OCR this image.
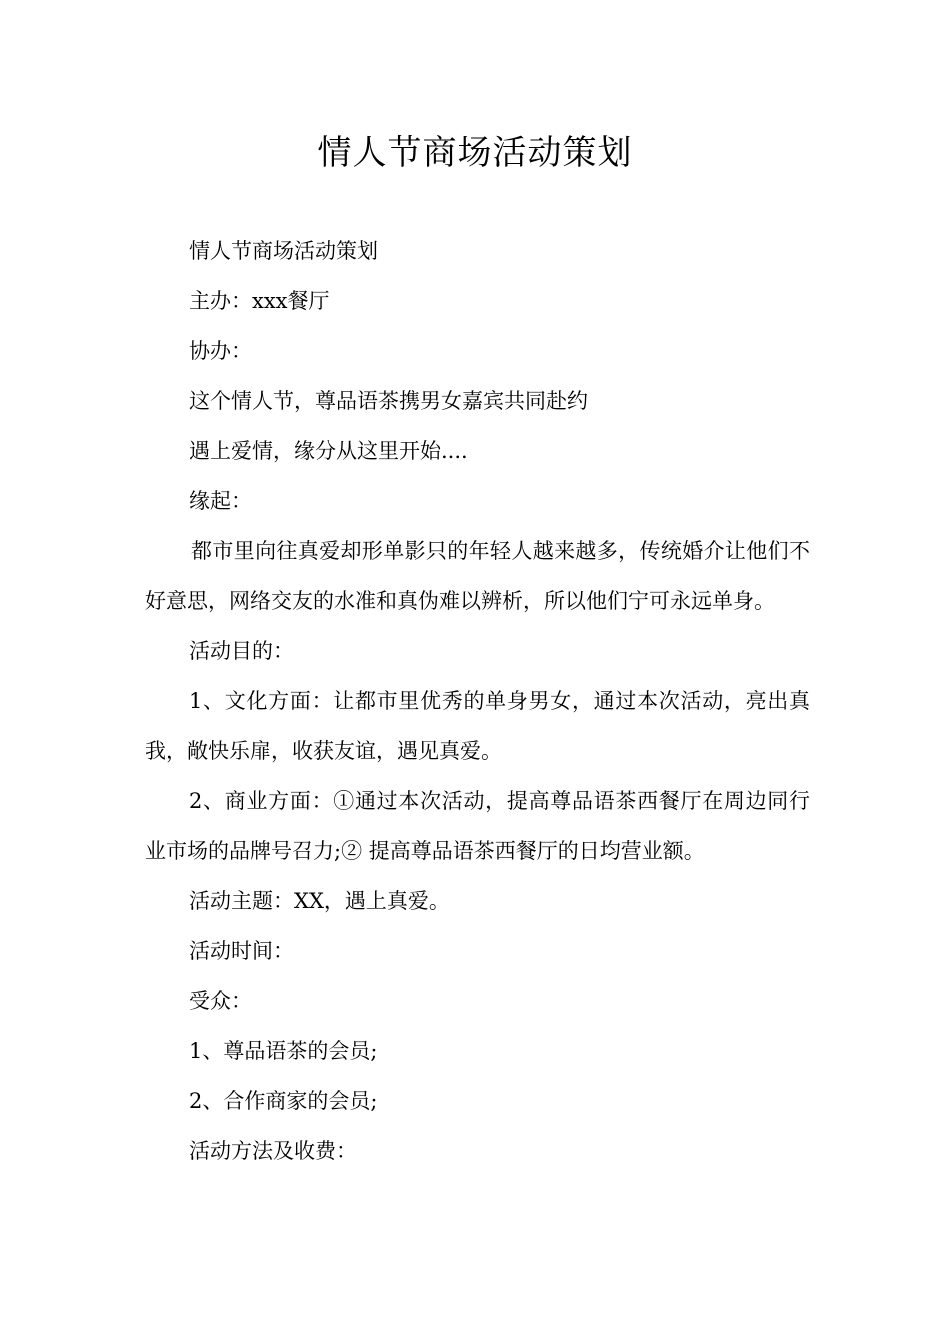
情人节商场活动策划

情人节商场活动策划

主办：xxx餐厅

协办：

这个情人节，尊品语茶携男女嘉宾共同赴约

遇上爱情，缘分从这里开始....

缘起：

都市里向往真爱却形单影只的年轻人越来越多，传统婚介让他们不好意思，网络交友的水准和真伪难以辨析，所以他们宁可永远单身。

活动目的：

1、文化方面：让都市里优秀的单身男女，通过本次活动，亮出真我，敞快乐扉，收获友谊，遇见真爱。

2、商业方面：①通过本次活动，提高尊品语茶西餐厅在周边同行业市场的品牌号召力;② 提高尊品语茶西餐厅的日均营业额。

活动主题：XX，遇上真爱。

活动时间：

受众：

1、尊品语茶的会员;

2、合作商家的会员;

活动方法及收费：
